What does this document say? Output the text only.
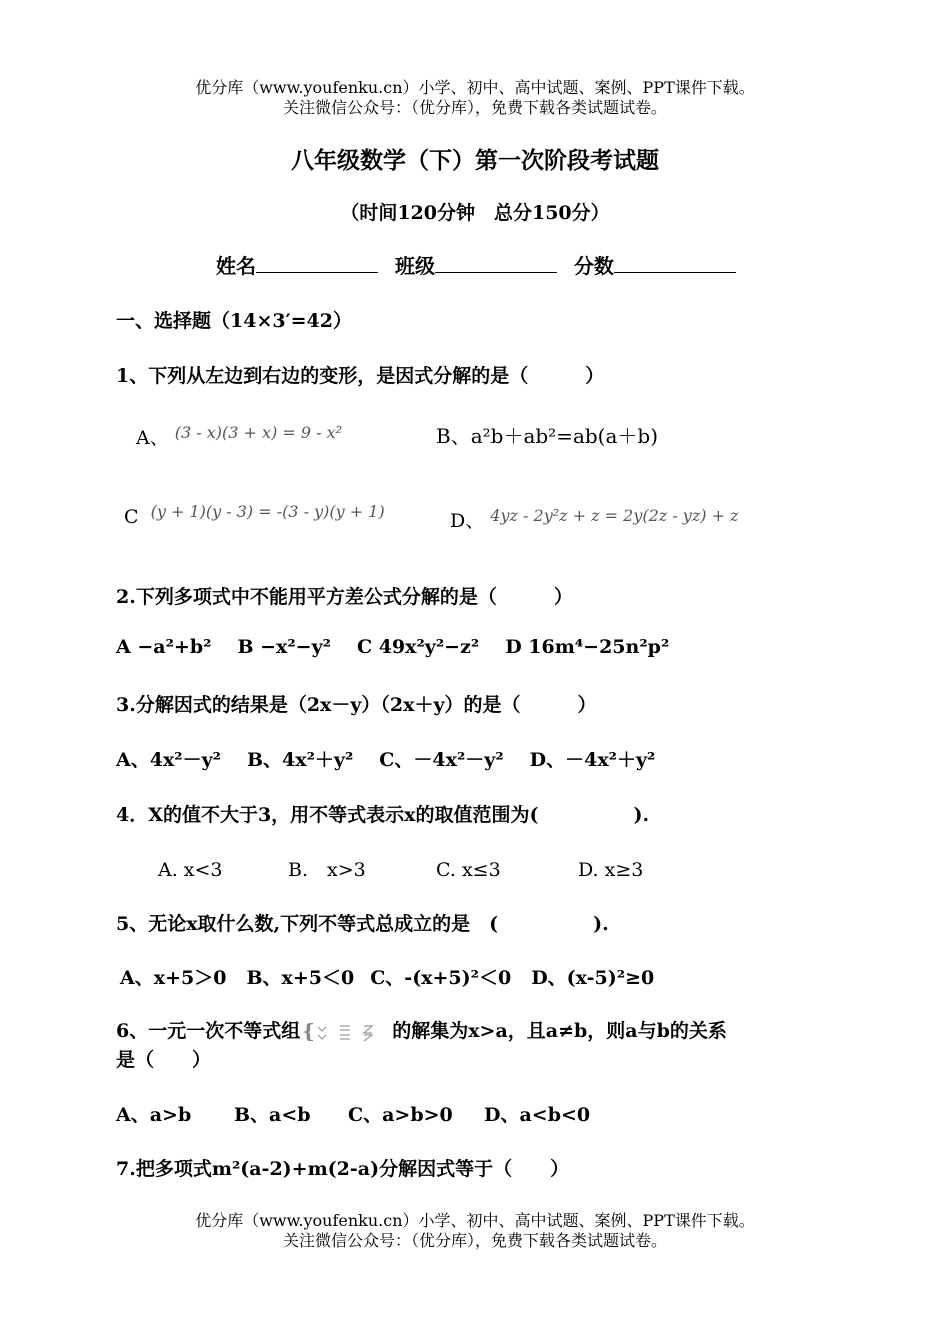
优分库（www.youfenku.cn）小学、初中、高中试题、案例、PPT课件下载。
关注微信公众号：（优分库），免费下载各类试题试卷。
八年级数学（下）第一次阶段考试题
（时间120分钟　总分150分）
姓名	班级	分数
一、选择题（14×3′=42）
1、下列从左边到右边的变形，是因式分解的是（　　　）
A、 $^{(3 - x)(3 + x) = 9 - x^2}$	B、a²b＋ab²=ab(a＋b)
C $^{(y + 1)(y - 3) = -(3 - y)(y + 1)}$	D、 $^{4yz - 2y^2z + z = 2y(2z - yz) + z}$
2.下列多项式中不能用平方差公式分解的是（　　　）
A −a²+b² B −x²−y² C 49x²y²−z² D 16m⁴−25n²p²
3.分解因式的结果是（2x－y）（2x＋y）的是（　　　）
A、4x²－y² B、4x²＋y² C、－4x²－y² D、－4x²＋y²
4．X的值不大于3，用不等式表示x的取值范围为(　　　　　).
A. x<3	B.　x>3	C. x≤3	D. x≥3
5、无论x取什么数,下列不等式总成立的是　(　　　　　).
A、x+5＞0 B、x+5＜0 C、-(x+5)²＜0 D、(x-5)²≥0
6、一元一次不等式组 {	的解集为x>a，且a≠b，则a与b的关系
是（　　）
A、a>b B、a<b C、a>b>0 D、a<b<0
7.把多项式m²(a-2)+m(2-a)分解因式等于（　　）
优分库（www.youfenku.cn）小学、初中、高中试题、案例、PPT课件下载。
关注微信公众号：（优分库），免费下载各类试题试卷。
